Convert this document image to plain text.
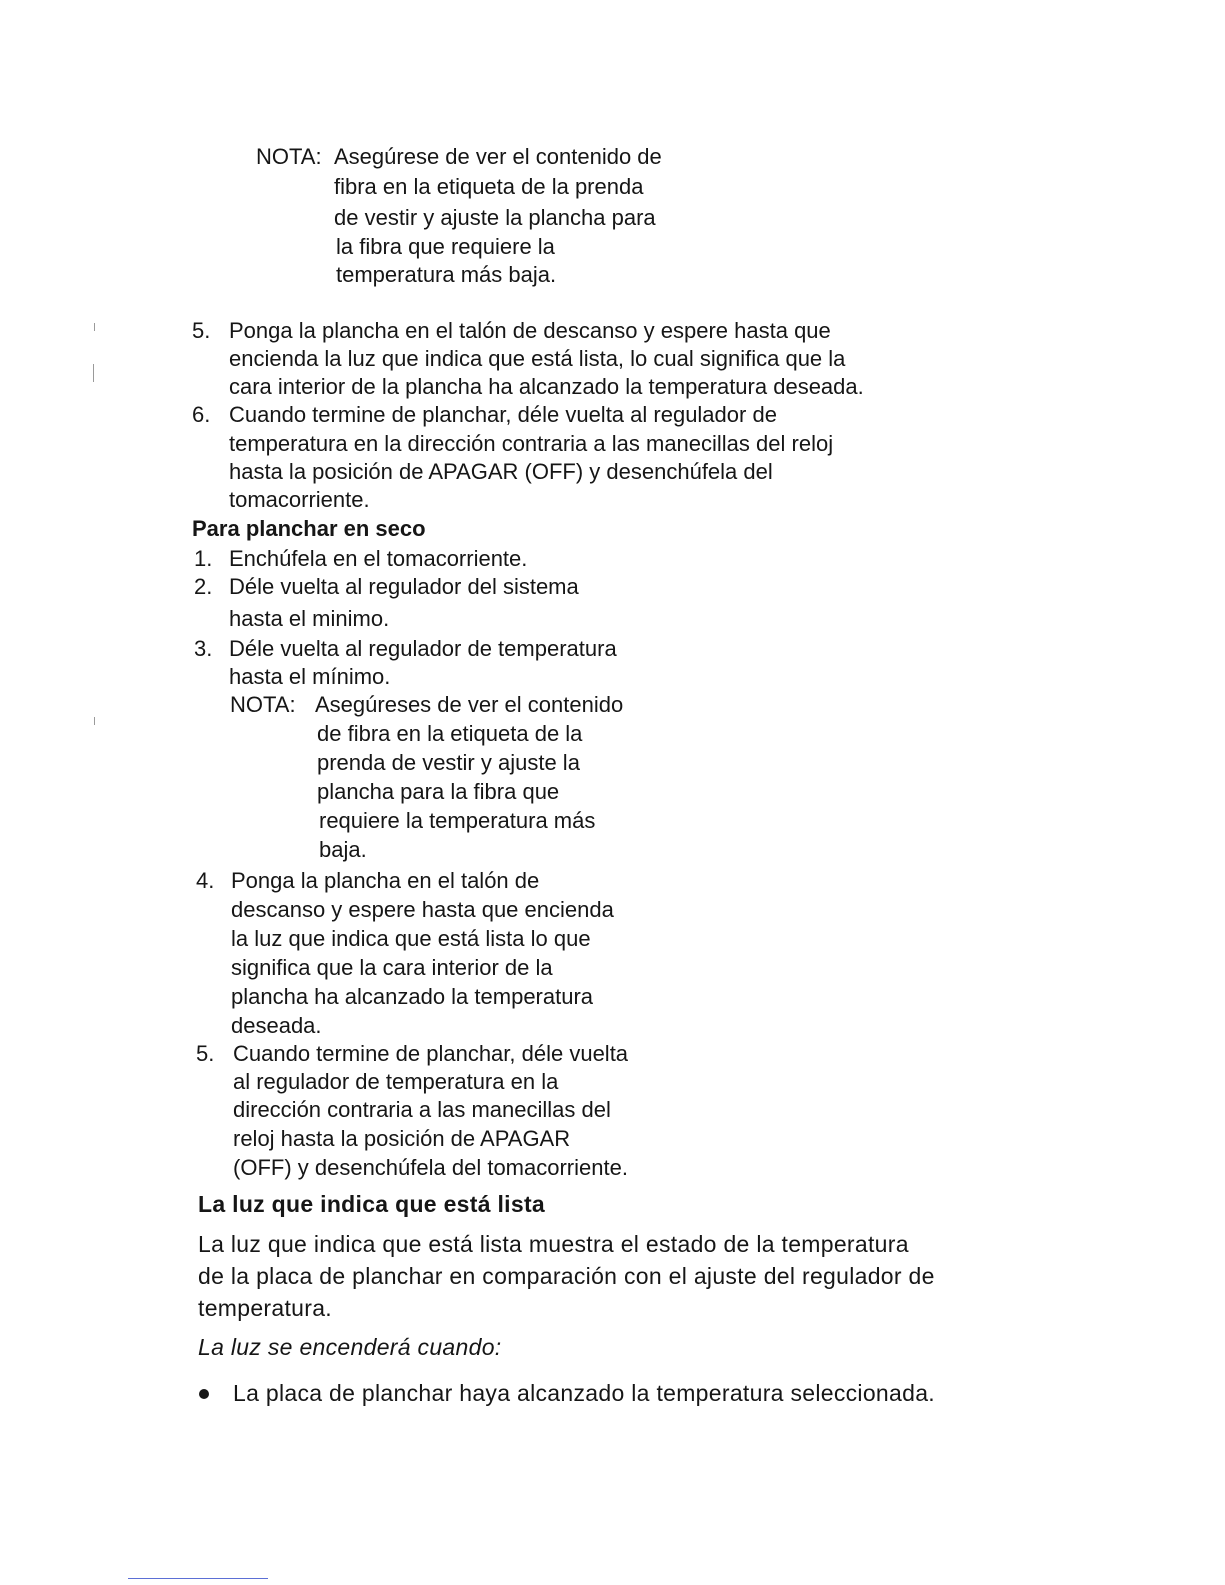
NOTA: Asegúrese de ver el contenido de
fibra en la etiqueta de la prenda
de vestir y ajuste la plancha para
la fibra que requiere la
temperatura más baja.
5. Ponga la plancha en el talón de descanso y espere hasta que
encienda la luz que indica que está lista, lo cual significa que la
cara interior de la plancha ha alcanzado la temperatura deseada.
6. Cuando termine de planchar, déle vuelta al regulador de
temperatura en la dirección contraria a las manecillas del reloj
hasta la posición de APAGAR (OFF) y desenchúfela del
tomacorriente.
Para planchar en seco
1. Enchúfela en el tomacorriente.
2. Déle vuelta al regulador del sistema
hasta el minimo.
3. Déle vuelta al regulador de temperatura
hasta el mínimo.
NOTA: Asegúreses de ver el contenido
de fibra en la etiqueta de la
prenda de vestir y ajuste la
plancha para la fibra que
requiere la temperatura más
baja.
4. Ponga la plancha en el talón de
descanso y espere hasta que encienda
la luz que indica que está lista lo que
significa que la cara interior de la
plancha ha alcanzado la temperatura
deseada.
5. Cuando termine de planchar, déle vuelta
al regulador de temperatura en la
dirección contraria a las manecillas del
reloj hasta la posición de APAGAR
(OFF) y desenchúfela del tomacorriente.
La luz que indica que está lista
La luz que indica que está lista muestra el estado de la temperatura
de la placa de planchar en comparación con el ajuste del regulador de
temperatura.
La luz se encenderá cuando:
La placa de planchar haya alcanzado la temperatura seleccionada.
